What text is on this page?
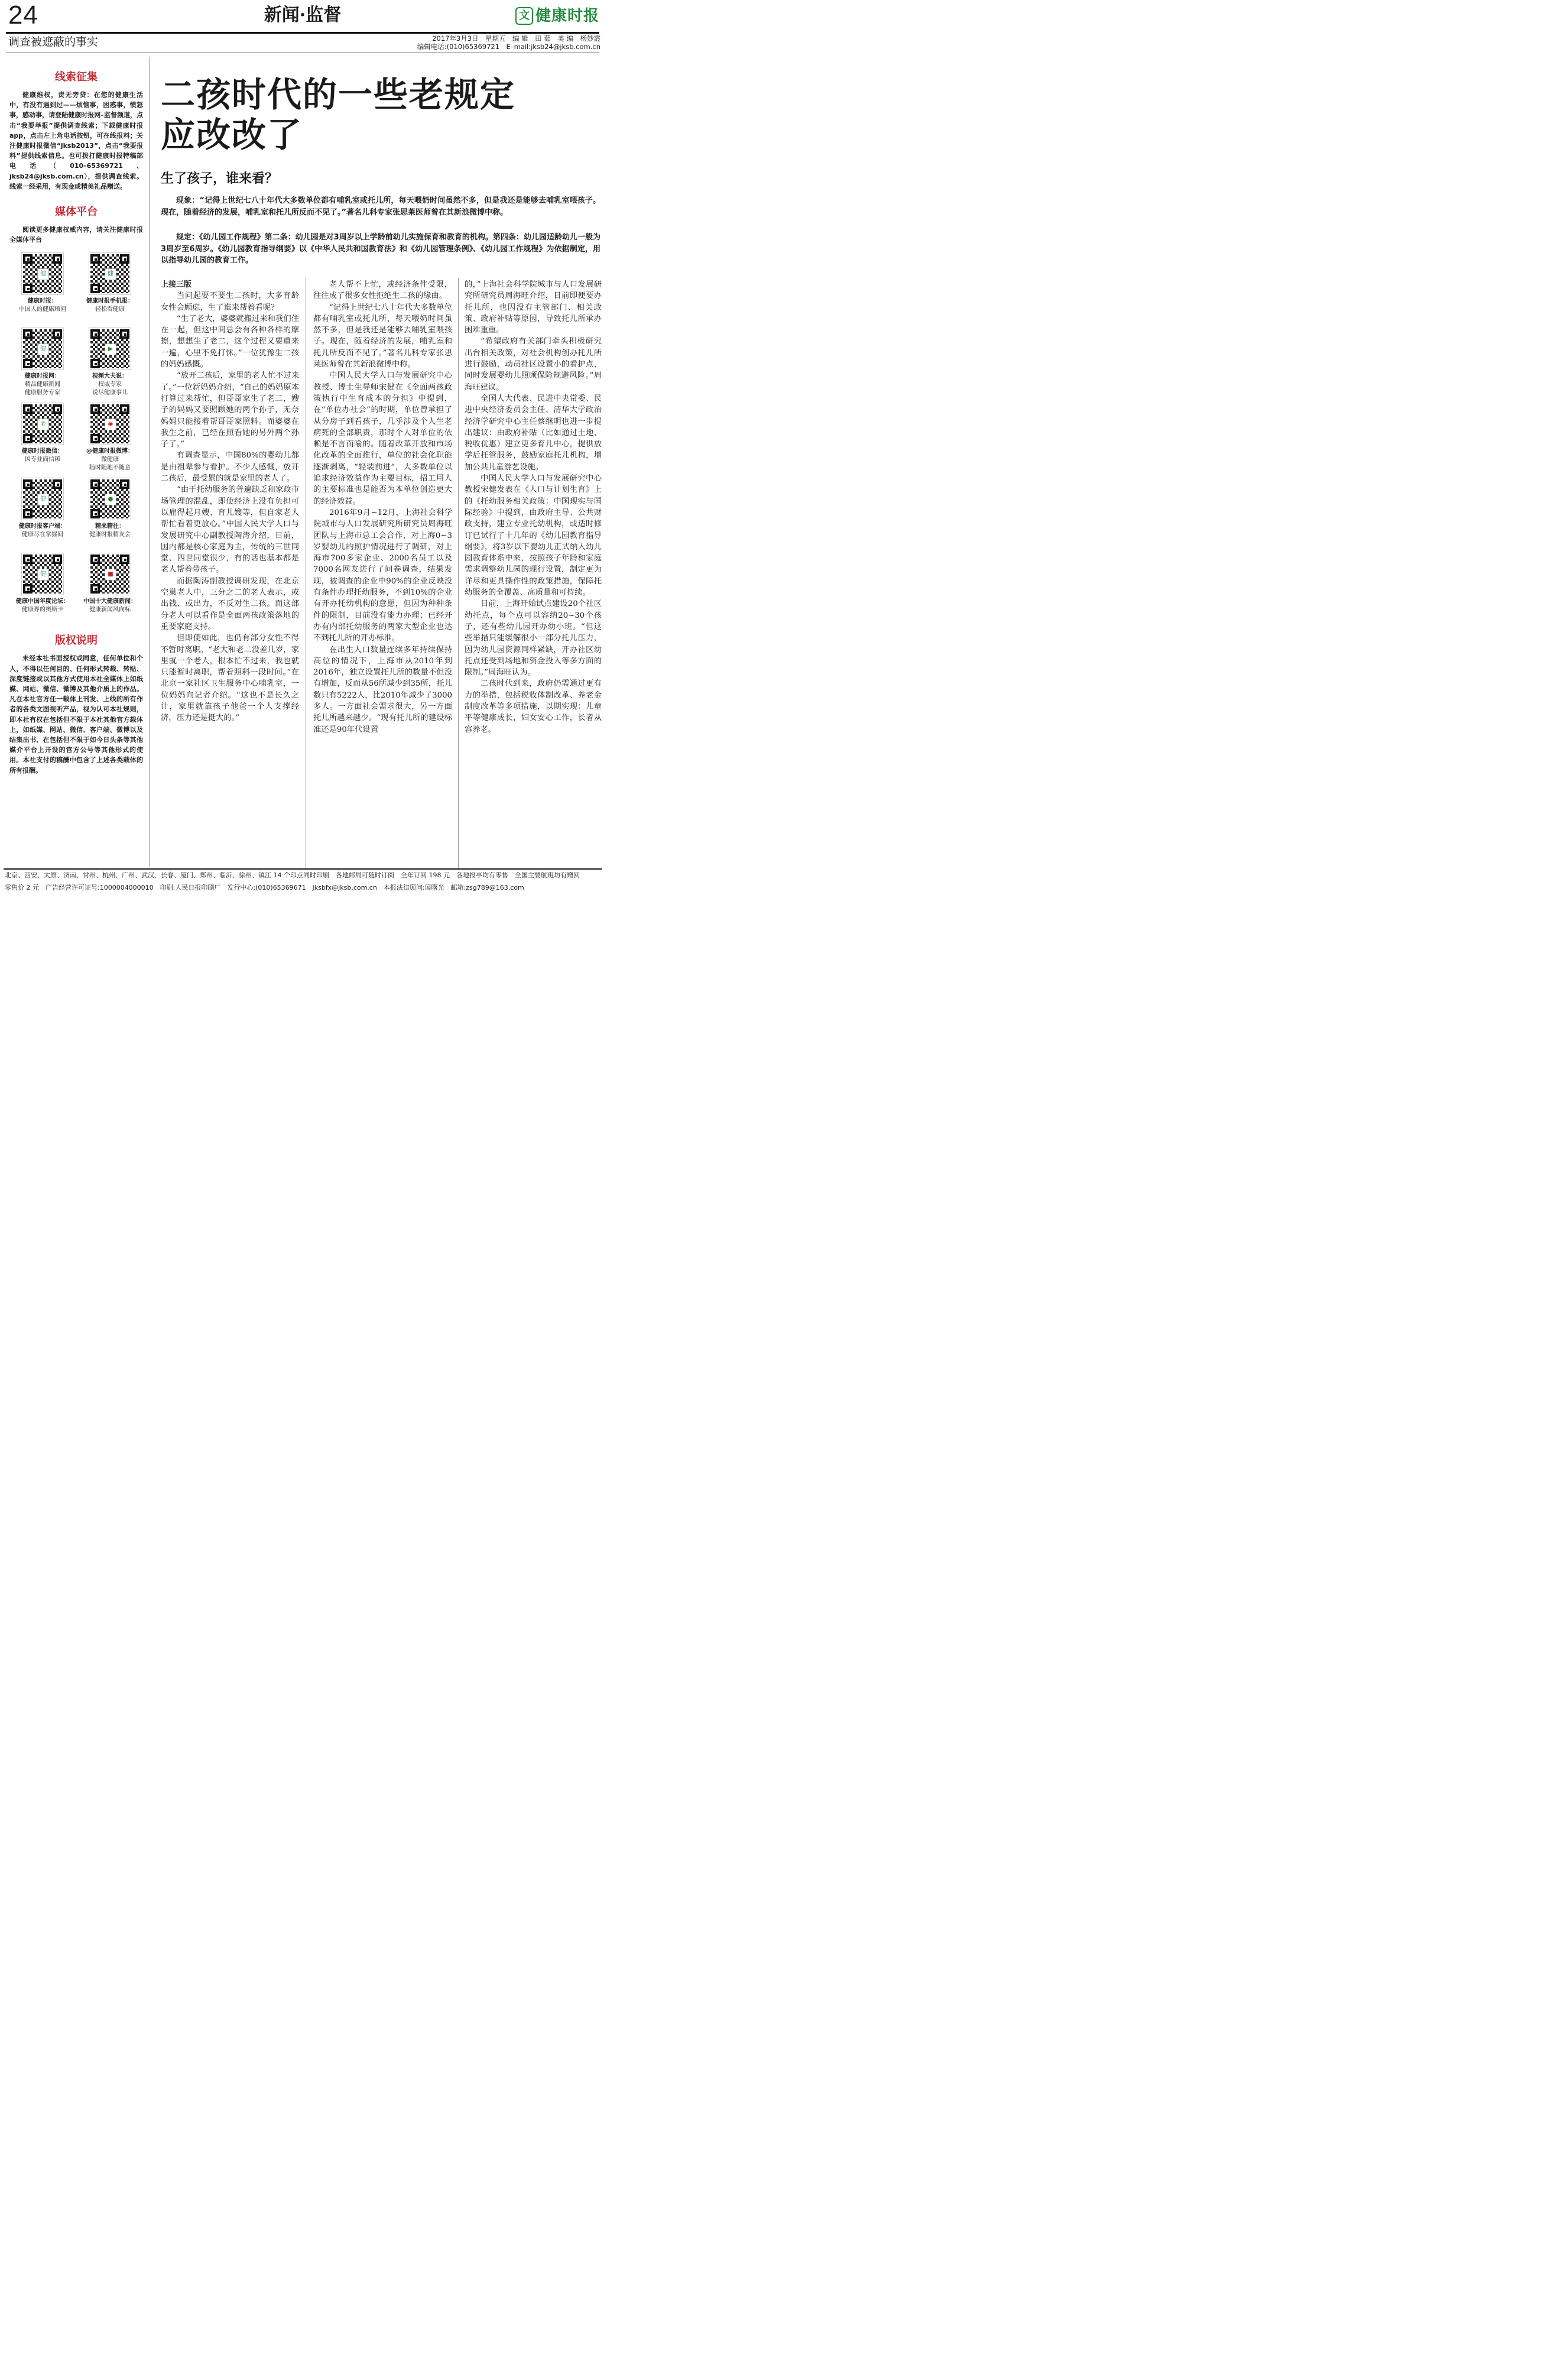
24	新闻·监督	文 健康时报
调查被遮蔽的事实	2017年3月3日　星期五　编 辑　田 茹　美 编　杨妙霞
编辑电话:(010)65369721　E–mail:jksb24@jksb.com.cn
线索征集
健康维权，责无旁贷：在您的健康生活中，有没有遇到过——烦恼事，困惑事，愤怒事，感动事，请登陆健康时报网–监督频道，点击“我要举报”提供调查线索；下载健康时报app，点击左上角电话按钮，可在线报料；关注健康时报微信“jksb2013”，点击“我要报料”提供线索信息。也可拨打健康时报特稿部电话（010–65369721、jksb24@jksb.com.cn），提供调查线索。线索一经采用，有现金或精美礼品赠送。
媒体平台
阅读更多健康权威内容，请关注健康时报全媒体平台
健
健康时报：
中国人的健康顾问
健
健康时报手机报：
轻松看健康
健
健康时报网：
精品健康新闻
健康服务专家
▶
视频大夫说：
权威专家
说尽健康事儿
✆
健康时报微信：
因专业而信赖
◉
@健康时报微博：
微健康
随时随地不随意
健
健康时报客户端：
健康尽在掌握间
●
精来精往：
健康时报精友会
健
健康中国年度论坛：
健康界的奥斯卡
■
中国十大健康新闻：
健康新闻风向标
版权说明
未经本社书面授权或同意，任何单位和个人，不得以任何目的、任何形式转载、转贴、深度链接或以其他方式使用本社全媒体上如纸媒、网站、微信、微博及其他介质上的作品。凡在本社官方任一载体上刊发、上线的所有作者的各类文图视听产品，视为认可本社规则，即本社有权在包括但不限于本社其他官方载体上，如纸媒、网站、微信、客户端、微博以及结集出书、在包括但不限于如今日头条等其他媒介平台上开设的官方公号等其他形式的使用。本社支付的稿酬中包含了上述各类载体的所有报酬。
二孩时代的一些老规定
应改改了
生了孩子，谁来看？
现象：“记得上世纪七八十年代大多数单位都有哺乳室或托儿所，每天喂奶时间虽然不多，但是我还是能够去哺乳室喂孩子。现在，随着经济的发展，哺乳室和托儿所反而不见了。”著名儿科专家张思莱医师曾在其新浪微博中称。
规定：《幼儿园工作规程》第二条：幼儿园是对3周岁以上学龄前幼儿实施保育和教育的机构。第四条：幼儿园适龄幼儿一般为3周岁至6周岁。《幼儿园教育指导纲要》以《中华人民共和国教育法》和《幼儿园管理条例》、《幼儿园工作规程》为依据制定，用以指导幼儿园的教育工作。

上接三版

当问起要不要生二孩时，大多育龄女性会顾虑，生了谁来帮着看呢？

“生了老大，婆婆就搬过来和我们住在一起，但这中间总会有各种各样的摩擦，想想生了老二，这个过程又要重来一遍，心里不免打怵。”一位犹豫生二孩的妈妈感慨。

“放开二孩后，家里的老人忙不过来了。”一位新妈妈介绍，“自己的妈妈原本打算过来帮忙，但哥哥家生了老二，嫂子的妈妈又要照顾她的两个孙子，无奈妈妈只能接着帮哥哥家照料。而婆婆在我生之前，已经在照看她的另外两个孙子了。”

有调查显示，中国80%的婴幼儿都是由祖辈参与看护。不少人感慨，放开二孩后，最受累的就是家里的老人了。

“由于托幼服务的普遍缺乏和家政市场管理的混乱，即使经济上没有负担可以雇得起月嫂、育儿嫂等，但自家老人帮忙看着更放心。”中国人民大学人口与发展研究中心副教授陶涛介绍，目前，国内都是核心家庭为主，传统的三世同堂、四世同堂很少，有的话也基本都是老人帮着带孩子。

而据陶涛副教授调研发现，在北京空巢老人中，三分之二的老人表示，或出钱、或出力，不反对生二孩。而这部分老人可以看作是全面两孩政策落地的重要家庭支持。

但即便如此，也仍有部分女性不得不暂时离职。“老大和老二没差几岁，家里就一个老人，根本忙不过来，我也就只能暂时离职，帮着照料一段时间。”在北京一家社区卫生服务中心哺乳室，一位妈妈向记者介绍。“这也不是长久之计，家里就靠孩子他爸一个人支撑经济，压力还是挺大的。”

老人帮不上忙，或经济条件受限，往往成了很多女性拒绝生二孩的缘由。

“记得上世纪七八十年代大多数单位都有哺乳室或托儿所，每天喂奶时间虽然不多，但是我还是能够去哺乳室喂孩子。现在，随着经济的发展，哺乳室和托儿所反而不见了。”著名儿科专家张思莱医师曾在其新浪微博中称。

中国人民大学人口与发展研究中心教授、博士生导师宋健在《全面两孩政策执行中生育成本的分担》中提到，在“单位办社会”的时期，单位曾承担了从分房子到看孩子，几乎涉及个人生老病死的全部职责，那时个人对单位的依赖是不言而喻的。随着改革开放和市场化改革的全面推行，单位的社会化职能逐渐剥离，“轻装前进”，大多数单位以追求经济效益作为主要目标，招工用人的主要标准也是能否为本单位创造更大的经济效益。

2016年9月~12月，上海社会科学院城市与人口发展研究所研究员周海旺团队与上海市总工会合作，对上海0~3岁婴幼儿的照护情况进行了调研，对上海市700多家企业、2000名员工以及7000名网友进行了问卷调查，结果发现，被调查的企业中90%的企业反映没有条件办理托幼服务，不到10%的企业有开办托幼机构的意愿，但因为种种条件的限制，目前没有能力办理；已经开办有内部托幼服务的两家大型企业也达不到托儿所的开办标准。

在出生人口数量连续多年持续保持高位的情况下，上海市从2010年到2016年，独立设置托儿所的数量不但没有增加，反而从56所减少到35所，托儿数只有5222人，比2010年减少了3000多人。一方面社会需求很大，另一方面托儿所越来越少。“现有托儿所的建设标准还是90年代设置

的，”上海社会科学院城市与人口发展研究所研究员周海旺介绍，目前即便要办托儿所，也因没有主管部门、相关政策、政府补贴等原因，导致托儿所承办困难重重。

“希望政府有关部门牵头积极研究出台相关政策，对社会机构创办托儿所进行鼓励，动员社区设置小的看护点，同时发展婴幼儿照顾保险规避风险。”周海旺建议。

全国人大代表、民进中央常委、民进中央经济委员会主任、清华大学政治经济学研究中心主任蔡继明也进一步提出建议：由政府补贴（比如通过土地、税收优惠）建立更多育儿中心，提供放学后托管服务，鼓励家庭托儿机构，增加公共儿童游艺设施。

中国人民大学人口与发展研究中心教授宋健发表在《人口与计划生育》上的《托幼服务相关政策：中国现实与国际经验》中提到，由政府主导、公共财政支持，建立专业托幼机构，或适时修订已试行了十几年的《幼儿园教育指导纲要》，将3岁以下婴幼儿正式纳入幼儿园教育体系中来，按照孩子年龄和家庭需求调整幼儿园的现行设置，制定更为详尽和更具操作性的政策措施，保障托幼服务的全覆盖、高质量和可持续。

目前，上海开始试点建设20个社区幼托点，每个点可以容纳20~30个孩子，还有些幼儿园开办幼小班。“但这些举措只能缓解很小一部分托儿压力，因为幼儿园资源同样紧缺，开办社区幼托点还受到场地和资金投入等多方面的限制。”周海旺认为。

二孩时代到来，政府仍需通过更有力的举措，包括税收体制改革、养老金制度改革等多项措施，以期实现：儿童平等健康成长，妇女安心工作，长者从容养老。

北京、西安、太原、济南、常州、杭州、广州、武汉、长春、厦门、郑州、临沂、徐州、镇江 14 个印点同时印刷　各地邮局可随时订阅　全年订阅 198 元　各地报亭均有零售　全国主要航班均有赠阅
零售价 2 元　广告经营许可证号:1000004000010　印刷:人民日报印刷厂　发行中心:(010)65369671　jksbfx@jksb.com.cn　本报法律顾问:展曙光　邮箱:zsg789@163.com
